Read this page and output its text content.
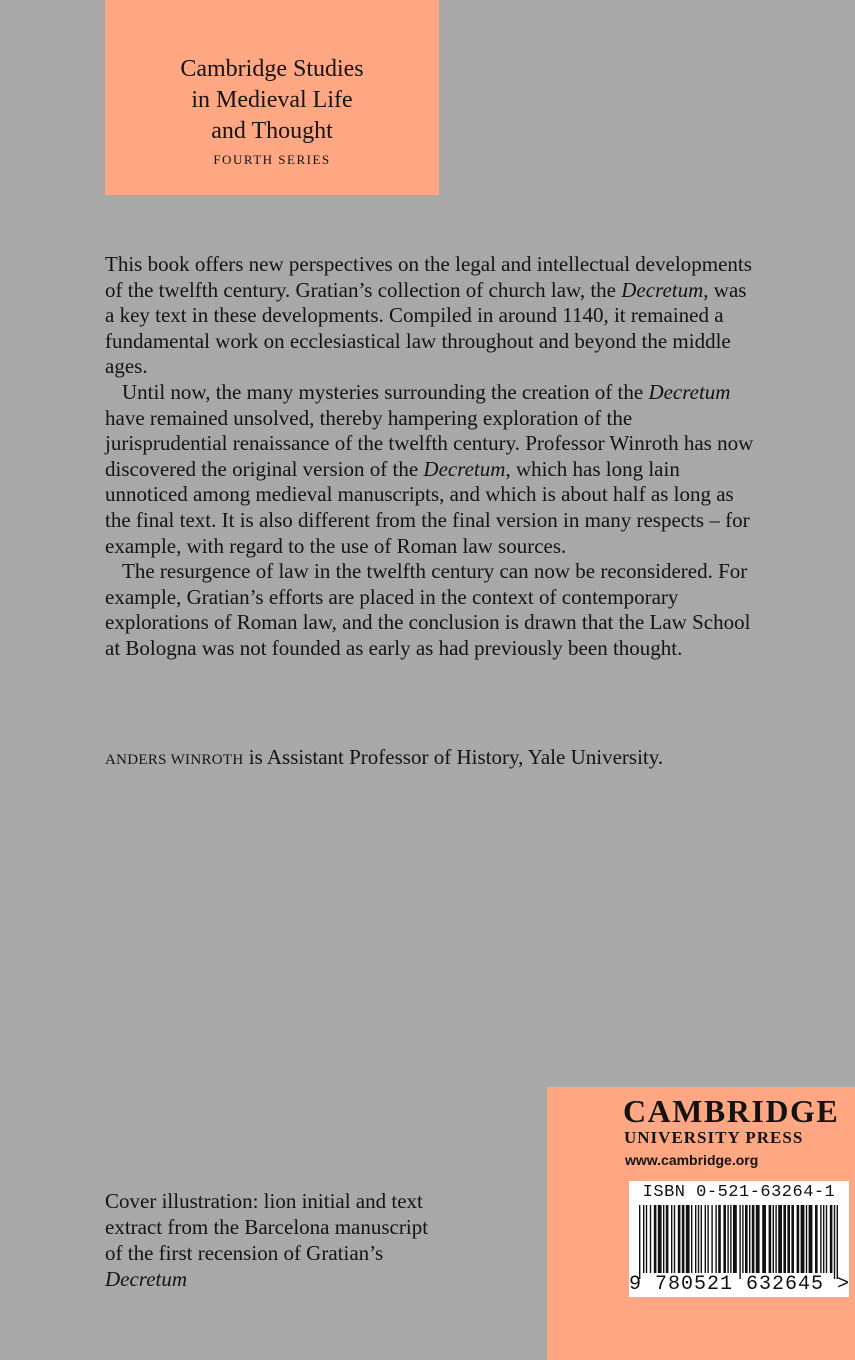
Cambridge Studies
in Medieval Life
and Thought
FOURTH SERIES

This book offers new perspectives on the legal and intellectual developments of the twelfth century. Gratian’s collection of church law, the Decretum, was a key text in these developments. Compiled in around 1140, it remained a fundamental work on ecclesiastical law throughout and beyond the middle ages.

Until now, the many mysteries surrounding the creation of the Decretum have remained unsolved, thereby hampering exploration of the jurisprudential renaissance of the twelfth century. Professor Winroth has now discovered the original version of the Decretum, which has long lain unnoticed among medieval manuscripts, and which is about half as long as the final text. It is also different from the final version in many respects – for example, with regard to the use of Roman law sources.

The resurgence of law in the twelfth century can now be reconsidered. For example, Gratian’s efforts are placed in the context of contemporary explorations of Roman law, and the conclusion is drawn that the Law School at Bologna was not founded as early as had previously been thought.

ANDERS WINROTH is Assistant Professor of History, Yale University.
Cover illustration: lion initial and text
extract from the Barcelona manuscript
of the first recension of Gratian’s
Decretum
CAMBRIDGE
UNIVERSITY PRESS
www.cambridge.org
ISBN 0-521-63264-1
9 780521 632645 >
